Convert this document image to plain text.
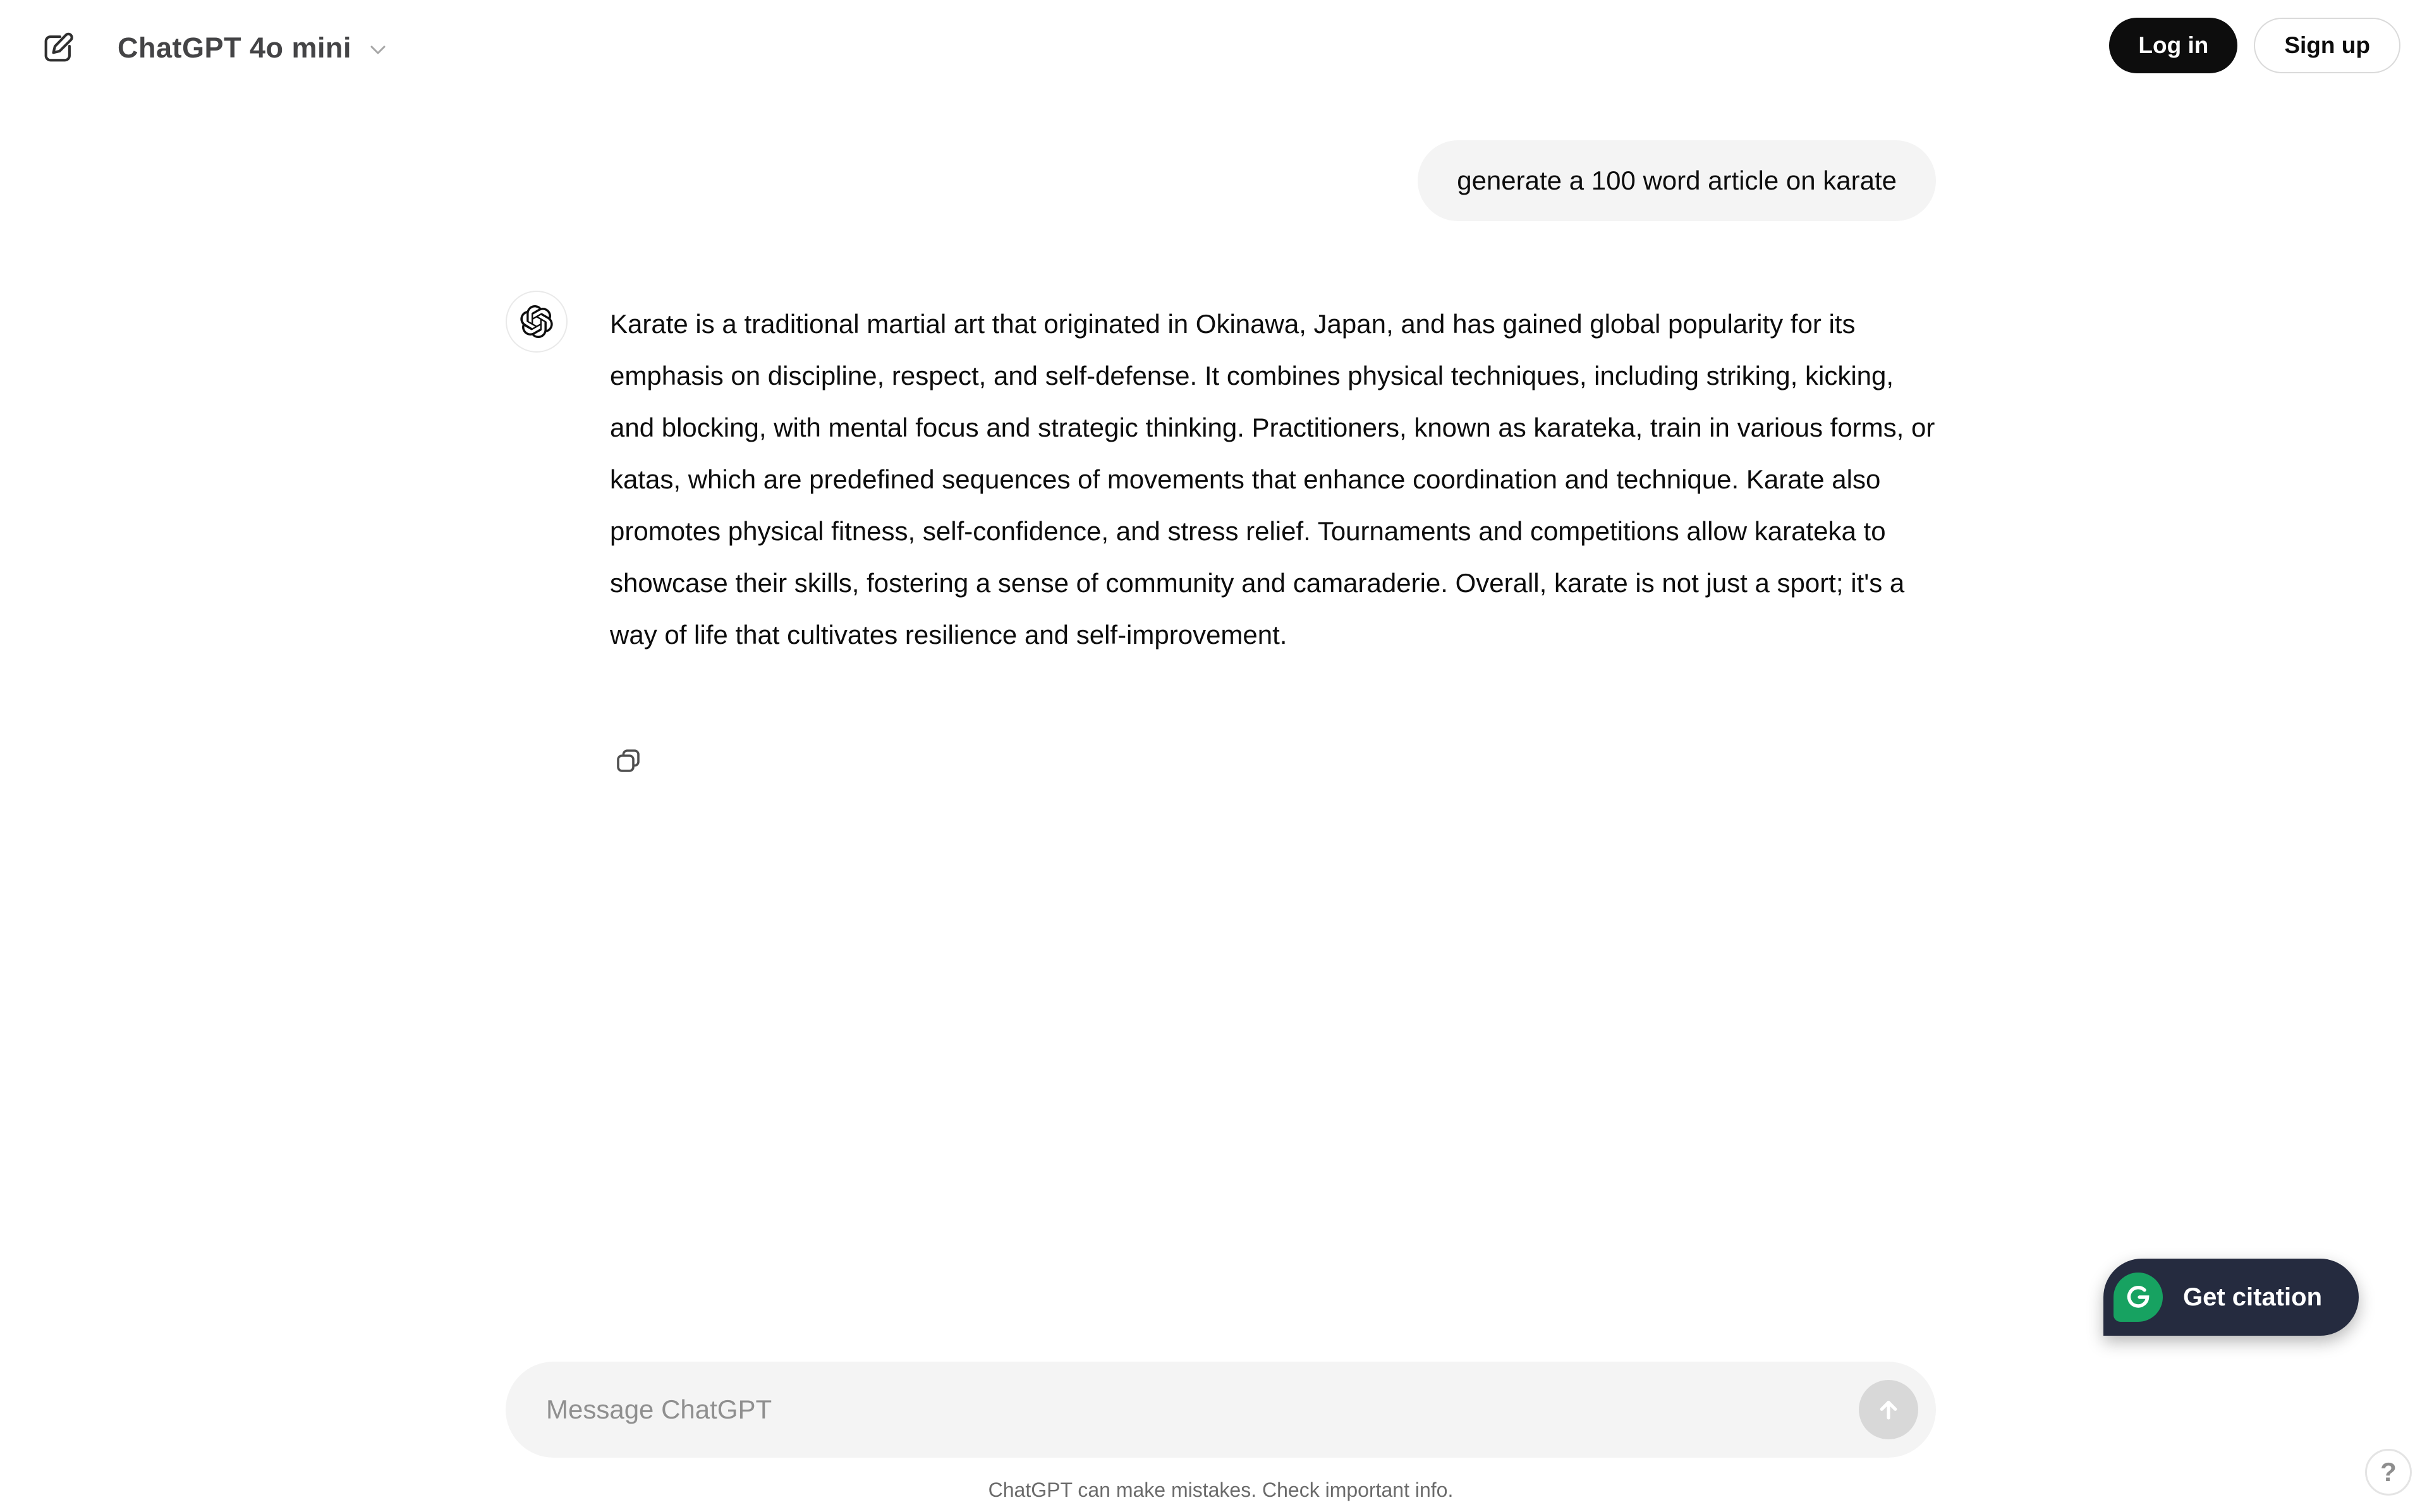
ChatGPT 4o mini	Log in	Sign up
generate a 100 word article on karate
Karate is a traditional martial art that originated in Okinawa, Japan, and has gained global popularity for its emphasis on discipline, respect, and self-defense. It combines physical techniques, including striking, kicking, and blocking, with mental focus and strategic thinking. Practitioners, known as karateka, train in various forms, or katas, which are predefined sequences of movements that enhance coordination and technique. Karate also promotes physical fitness, self-confidence, and stress relief. Tournaments and competitions allow karateka to showcase their skills, fostering a sense of community and camaraderie. Overall, karate is not just a sport; it's a way of life that cultivates resilience and self-improvement.
Message ChatGPT
ChatGPT can make mistakes. Check important info.
Get citation
?
